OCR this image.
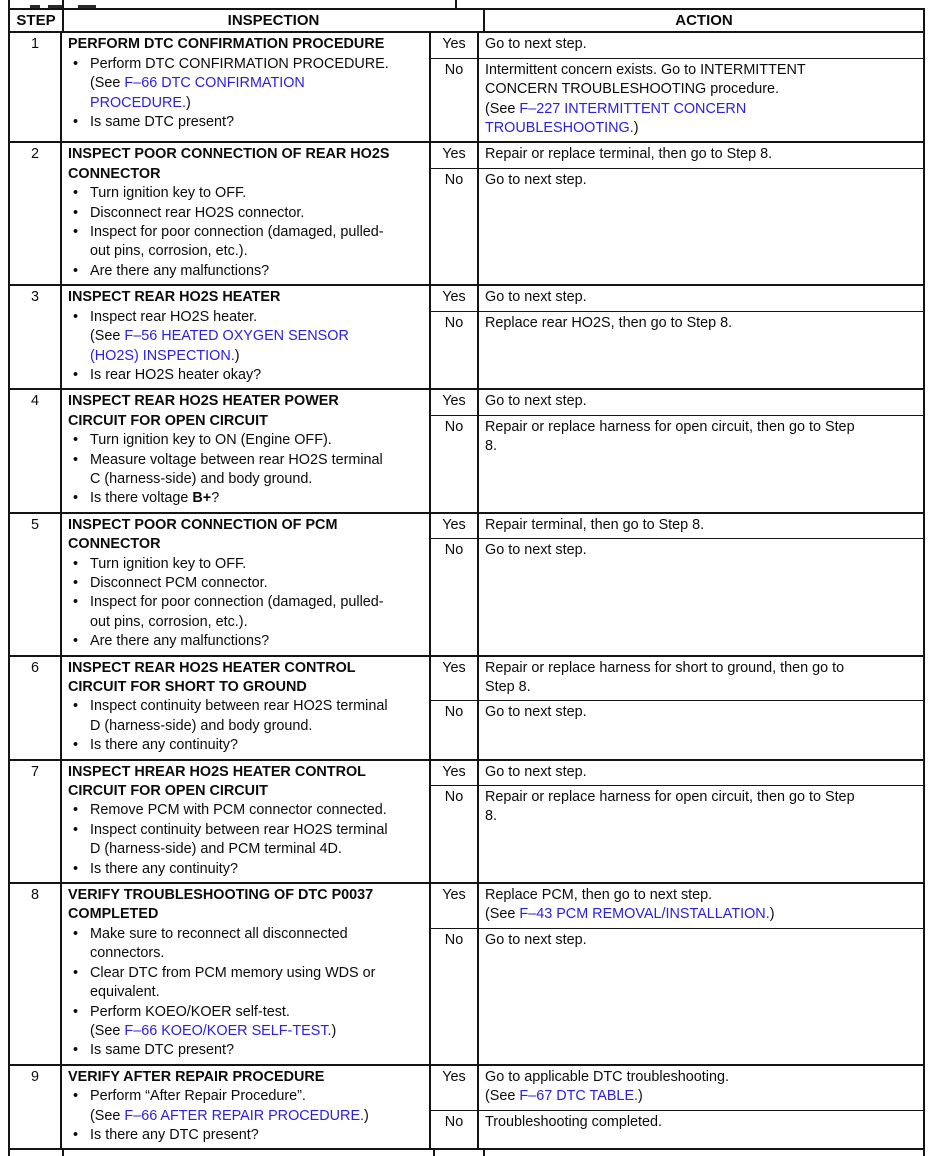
STEP	INSPECTION	ACTION
1	PERFORM DTC CONFIRMATION PROCEDURE
• Perform DTC CONFIRMATION PROCEDURE.
(See F–66 DTC CONFIRMATION
PROCEDURE.)
• Is same DTC present?
Yes	Go to next step.
No	Intermittent concern exists. Go to INTERMITTENT
CONCERN TROUBLESHOOTING procedure.
(See F–227 INTERMITTENT CONCERN
TROUBLESHOOTING.)
2	INSPECT POOR CONNECTION OF REAR HO2S
CONNECTOR
• Turn ignition key to OFF.
• Disconnect rear HO2S connector.
• Inspect for poor connection (damaged, pulled-
out pins, corrosion, etc.).
• Are there any malfunctions?
Yes	Repair or replace terminal, then go to Step 8.
No	Go to next step.
3	INSPECT REAR HO2S HEATER
• Inspect rear HO2S heater.
(See F–56 HEATED OXYGEN SENSOR
(HO2S) INSPECTION.)
• Is rear HO2S heater okay?
Yes	Go to next step.
No	Replace rear HO2S, then go to Step 8.
4	INSPECT REAR HO2S HEATER POWER
CIRCUIT FOR OPEN CIRCUIT
• Turn ignition key to ON (Engine OFF).
• Measure voltage between rear HO2S terminal
C (harness-side) and body ground.
• Is there voltage B+?
Yes	Go to next step.
No	Repair or replace harness for open circuit, then go to Step
8.
5	INSPECT POOR CONNECTION OF PCM
CONNECTOR
• Turn ignition key to OFF.
• Disconnect PCM connector.
• Inspect for poor connection (damaged, pulled-
out pins, corrosion, etc.).
• Are there any malfunctions?
Yes	Repair terminal, then go to Step 8.
No	Go to next step.
6	INSPECT REAR HO2S HEATER CONTROL
CIRCUIT FOR SHORT TO GROUND
• Inspect continuity between rear HO2S terminal
D (harness-side) and body ground.
• Is there any continuity?
Yes	Repair or replace harness for short to ground, then go to
Step 8.
No	Go to next step.
7	INSPECT HREAR HO2S HEATER CONTROL
CIRCUIT FOR OPEN CIRCUIT
• Remove PCM with PCM connector connected.
• Inspect continuity between rear HO2S terminal
D (harness-side) and PCM terminal 4D.
• Is there any continuity?
Yes	Go to next step.
No	Repair or replace harness for open circuit, then go to Step
8.
8	VERIFY TROUBLESHOOTING OF DTC P0037
COMPLETED
• Make sure to reconnect all disconnected
connectors.
• Clear DTC from PCM memory using WDS or
equivalent.
• Perform KOEO/KOER self-test.
(See F–66 KOEO/KOER SELF-TEST.)
• Is same DTC present?
Yes	Replace PCM, then go to next step.
(See F–43 PCM REMOVAL/INSTALLATION.)
No	Go to next step.
9	VERIFY AFTER REPAIR PROCEDURE
• Perform “After Repair Procedure”.
(See F–66 AFTER REPAIR PROCEDURE.)
• Is there any DTC present?
Yes	Go to applicable DTC troubleshooting.
(See F–67 DTC TABLE.)
No	Troubleshooting completed.
